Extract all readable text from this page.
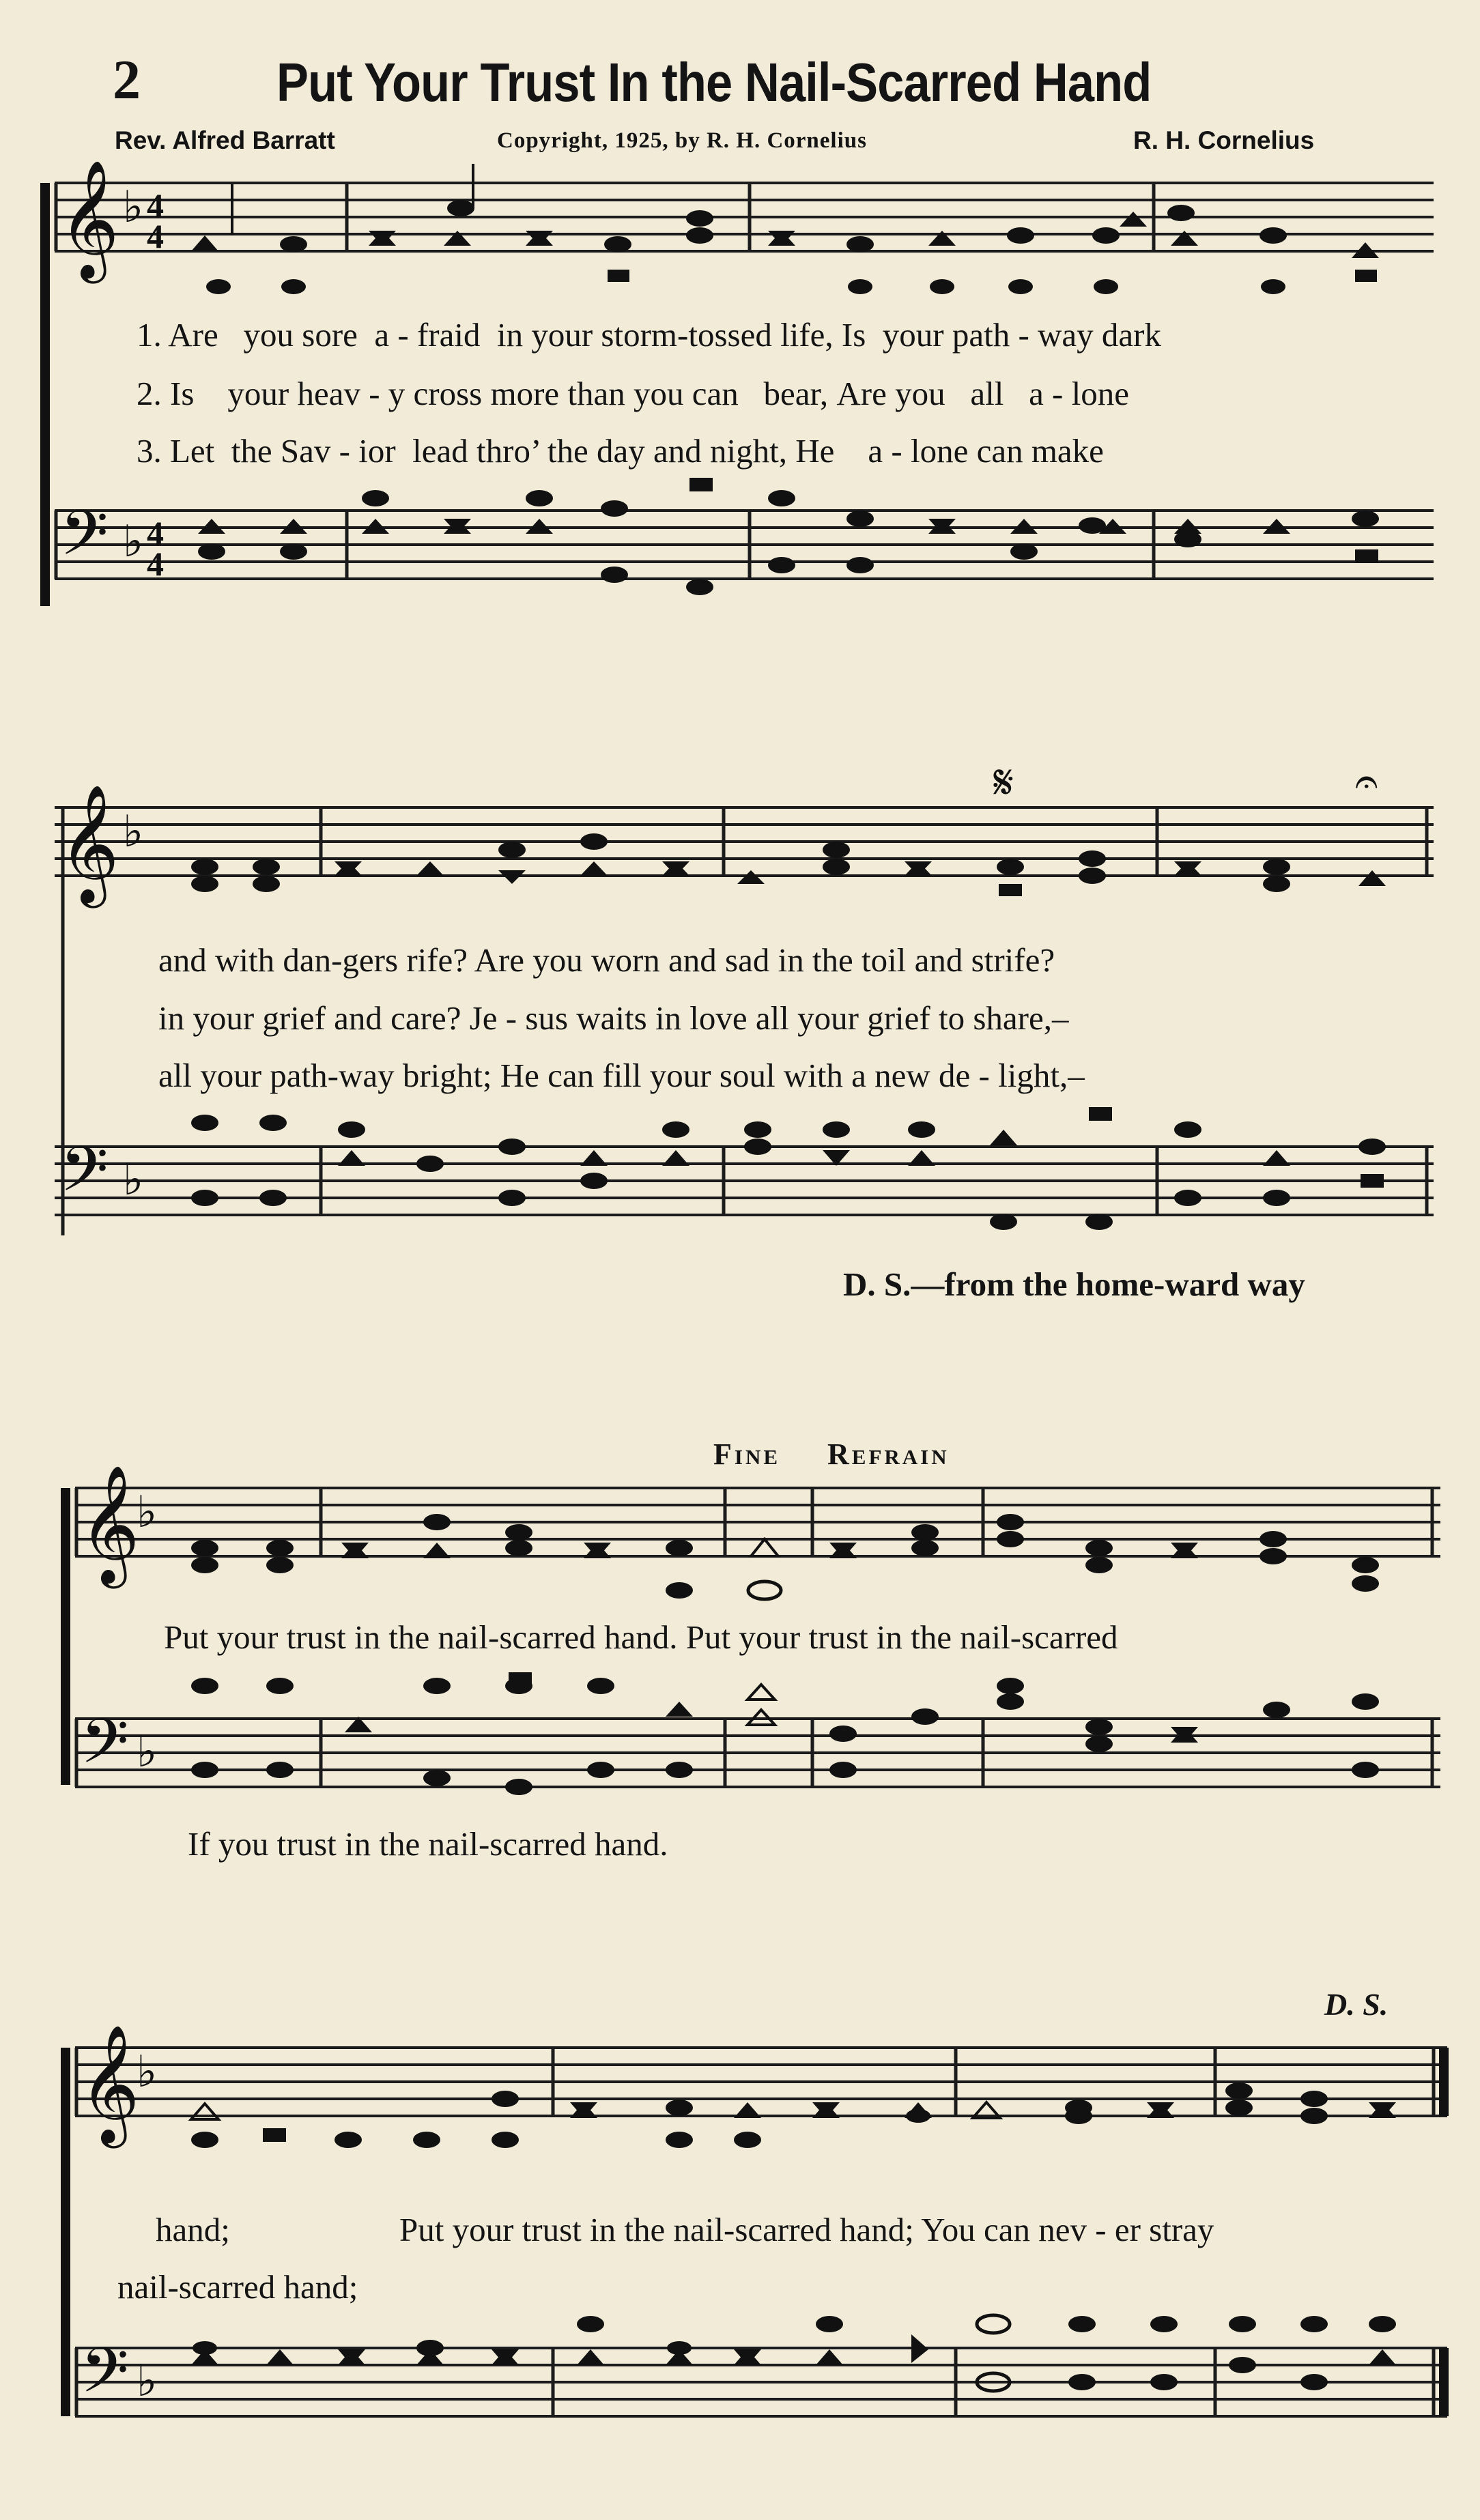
2 Put Your Trust In the Nail-Scarred Hand
Rev. Alfred Barratt	Copyright, 1925, by R. H. Cornelius	R. H. Cornelius
𝄞 ♭ 4
4
𝄢 ♭ 4
4
1. Are you sore a - fraid in your storm-tossed life, Is your path - way dark
2. Is your heav - y cross more than you can bear, Are you all a - lone
3. Let the Sav - ior lead thro’ the day and night, He a - lone can make
𝄞 ♭
𝄋	𝄐
𝄢 ♭
and with dan-gers rife? Are you worn and sad in the toil and strife?
in your grief and care? Je - sus waits in love all your grief to share,–
all your path-way bright; He can fill your soul with a new de - light,–
D. S.—from the home-ward way
Fine Refrain
𝄞
♭
𝄢 ♭
Put your trust in the nail-scarred hand. Put your trust in the nail-scarred
If you trust in the nail-scarred hand.
D. S.
𝄞
♭
𝄢 ♭
hand;	Put your trust in the nail-scarred hand; You can nev - er stray
nail-scarred hand;
